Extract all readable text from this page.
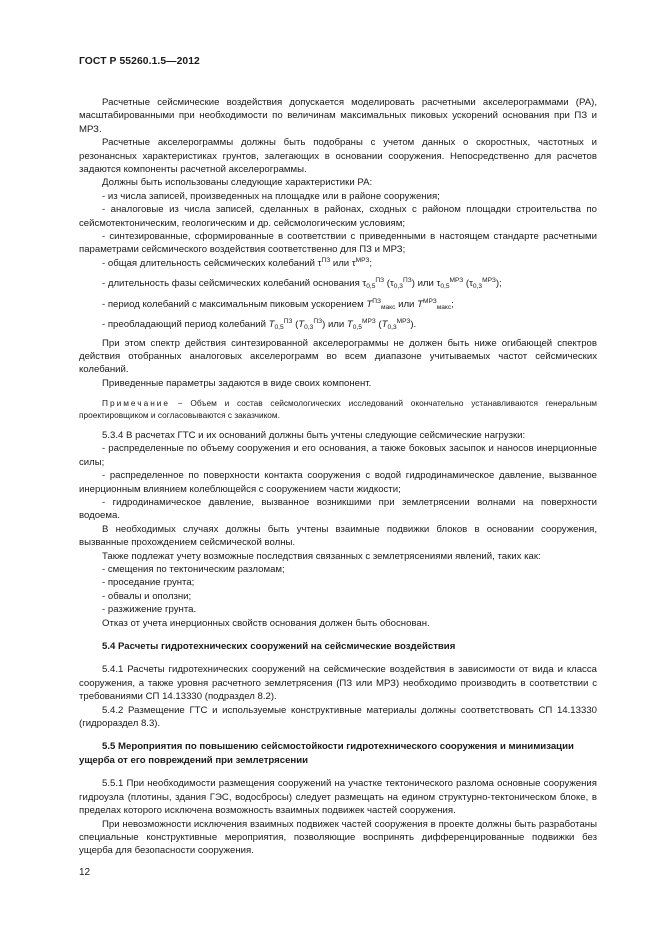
ГОСТ Р 55260.1.5—2012

Расчетные сейсмические воздействия допускается моделировать расчетными акселерограммами (РА), масштабированными при необходимости по величинам максимальных пиковых ускорений основания при ПЗ и МРЗ.

Расчетные акселерограммы должны быть подобраны с учетом данных о скоростных, частотных и резонансных характеристиках грунтов, залегающих в основании сооружения. Непосредственно для расчетов задаются компоненты расчетной акселерограммы.

Должны быть использованы следующие характеристики РА:

- из числа записей, произведенных на площадке или в районе сооружения;

- аналоговые из числа записей, сделанных в районах, сходных с районом площадки строительства по сейсмотектоническим, геологическим и др. сейсмологическим условиям;

- синтезированные, сформированные в соответствии с приведенными в настоящем стандарте расчетными параметрами сейсмического воздействия соответственно для ПЗ и МРЗ;

- общая длительность сейсмических колебаний $\tau^{ПЗ}$ или $\tau^{МРЗ}$;

- длительность фазы сейсмических колебаний основания $\tau_{0,5}^{ПЗ}$ $(\tau_{0,3}^{ПЗ})$ или $\tau_{0,5}^{МРЗ}$ $(\tau_{0,3}^{МРЗ})$;

- период колебаний с максимальным пиковым ускорением $T^{ПЗ}_{макс}$ или $T^{МРЗ}_{макс}$;

- преобладающий период колебаний $T_{0,5}^{ПЗ}$ $(T_{0,3}^{ПЗ})$ или $T_{0,5}^{МРЗ}$ $(T_{0,3}^{МРЗ})$.

При этом спектр действия синтезированной акселерограммы не должен быть ниже огибающей спектров действия отобранных аналоговых акселерограмм во всем диапазоне учитываемых частот сейсмических колебаний.

Приведенные параметры задаются в виде своих компонент.

Примечание − Объем и состав сейсмологических исследований окончательно устанавливаются генеральным проектировщиком и согласовываются с заказчиком.

5.3.4 В расчетах ГТС и их оснований должны быть учтены следующие сейсмические нагрузки:

- распределенные по объему сооружения и его основания, а также боковых засыпок и наносов инерционные силы;

- распределенное по поверхности контакта сооружения с водой гидродинамическое давление, вызванное инерционным влиянием колеблющейся с сооружением части жидкости;

- гидродинамическое давление, вызванное возникшими при землетрясении волнами на поверхности водоема.

В необходимых случаях должны быть учтены взаимные подвижки блоков в основании сооружения, вызванные прохождением сейсмической волны.

Также подлежат учету возможные последствия связанных с землетрясениями явлений, таких как:

- смещения по тектоническим разломам;

- проседание грунта;

- обвалы и оползни;

- разжижение грунта.

Отказ от учета инерционных свойств основания должен быть обоснован.

5.4 Расчеты гидротехнических сооружений на сейсмические воздействия

5.4.1 Расчеты гидротехнических сооружений на сейсмические воздействия в зависимости от вида и класса сооружения, а также уровня расчетного землетрясения (ПЗ или МРЗ) необходимо производить в соответствии с требованиями СП 14.13330 (подраздел 8.2).

5.4.2 Размещение ГТС и используемые конструктивные материалы должны соответствовать СП 14.13330 (гидрораздел 8.3).

5.5 Мероприятия по повышению сейсмостойкости гидротехнического сооружения и минимизации ущерба от его повреждений при землетрясении

5.5.1 При необходимости размещения сооружений на участке тектонического разлома основные сооружения гидроузла (плотины, здания ГЭС, водосбросы) следует размещать на едином структурно-тектоническом блоке, в пределах которого исключена возможность взаимных подвижек частей сооружения.

При невозможности исключения взаимных подвижек частей сооружения в проекте должны быть разработаны специальные конструктивные мероприятия, позволяющие воспринять дифференцированные подвижки без ущерба для безопасности сооружения.

12
